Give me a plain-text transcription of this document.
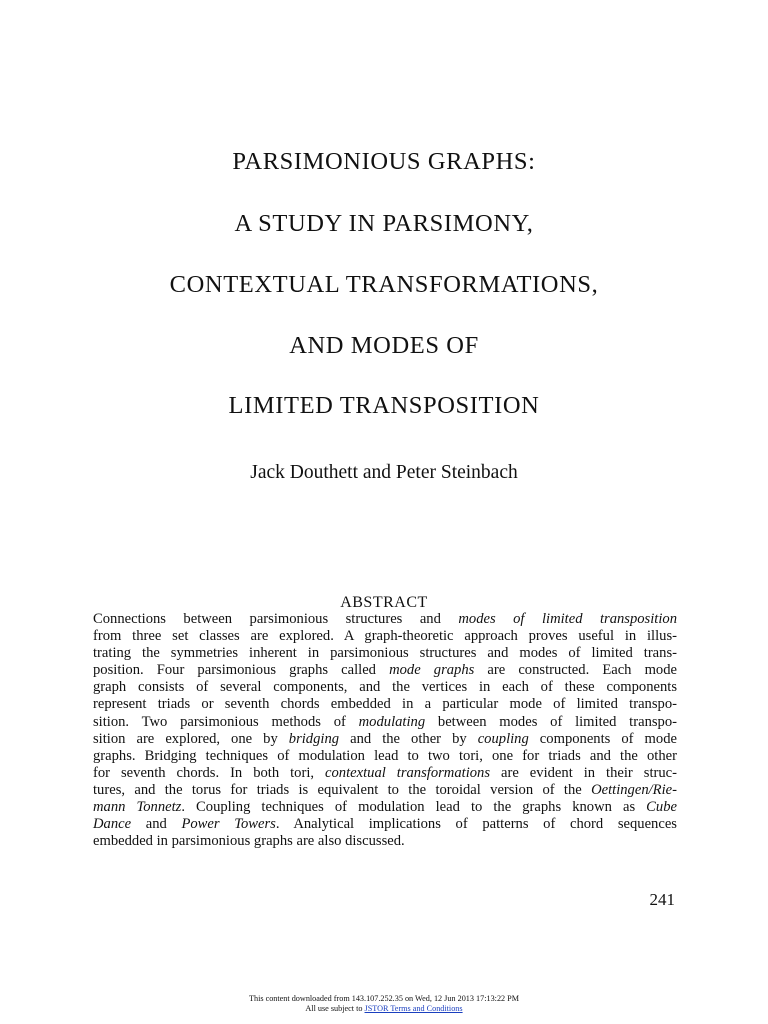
PARSIMONIOUS GRAPHS:
A STUDY IN PARSIMONY,
CONTEXTUAL TRANSFORMATIONS,
AND MODES OF
LIMITED TRANSPOSITION
Jack Douthett and Peter Steinbach
ABSTRACT
Connections between parsimonious structures and modes of limited transposition
from three set classes are explored. A graph-theoretic approach proves useful in illus-
trating the symmetries inherent in parsimonious structures and modes of limited trans-
position. Four parsimonious graphs called mode graphs are constructed. Each mode
graph consists of several components, and the vertices in each of these components
represent triads or seventh chords embedded in a particular mode of limited transpo-
sition. Two parsimonious methods of modulating between modes of limited transpo-
sition are explored, one by bridging and the other by coupling components of mode
graphs. Bridging techniques of modulation lead to two tori, one for triads and the other
for seventh chords. In both tori, contextual transformations are evident in their struc-
tures, and the torus for triads is equivalent to the toroidal version of the Oettingen/Rie-
mann Tonnetz. Coupling techniques of modulation lead to the graphs known as Cube
Dance and Power Towers. Analytical implications of patterns of chord sequences
embedded in parsimonious graphs are also discussed.
241
This content downloaded from 143.107.252.35 on Wed, 12 Jun 2013 17:13:22 PM
All use subject to JSTOR Terms and Conditions
